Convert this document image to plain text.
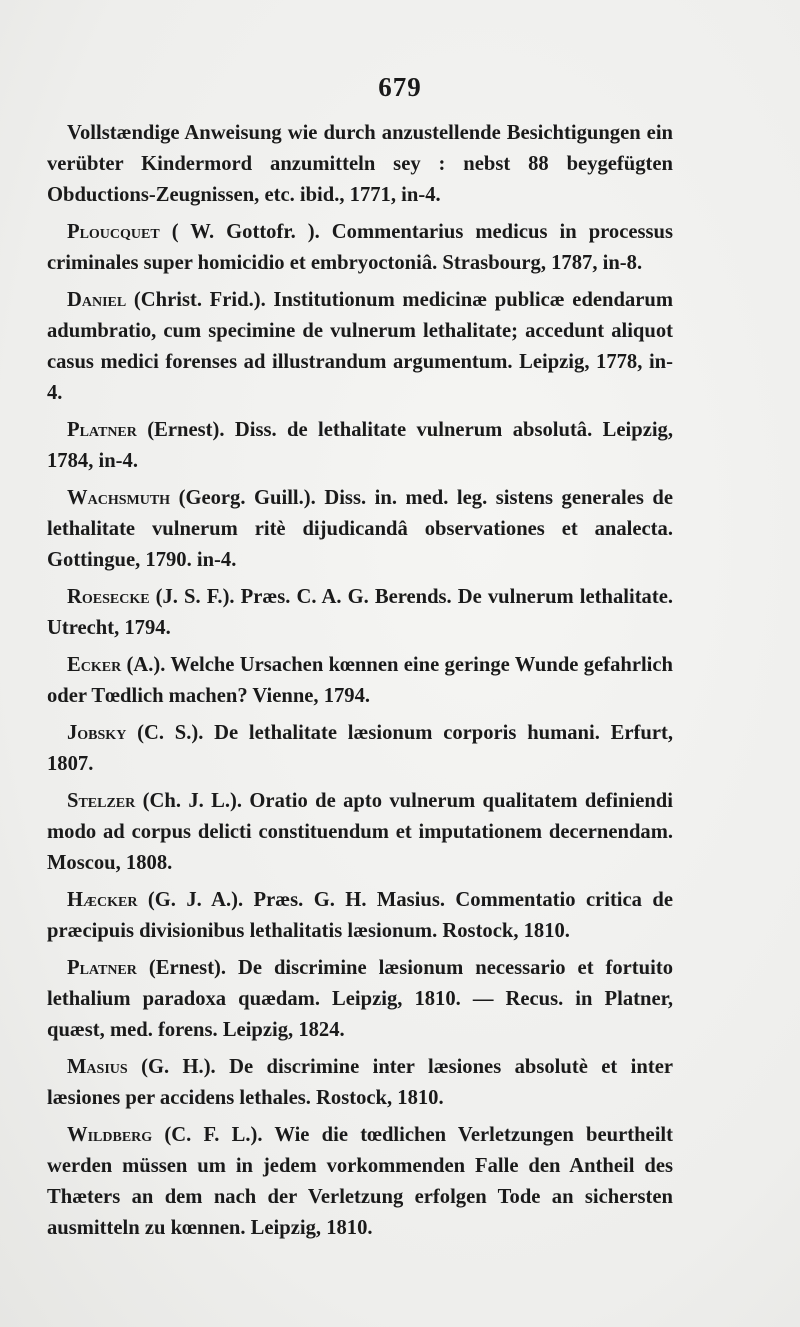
679

Vollstændige Anweisung wie durch anzustellende Besichtigungen ein verübter Kindermord anzumitteln sey : nebst 88 beygefügten Obductions-Zeugnissen, etc. ibid., 1771, in-4.

Ploucquet ( W. Gottofr. ). Commentarius medicus in processus criminales super homicidio et embryoctoniâ. Strasbourg, 1787, in-8.

Daniel (Christ. Frid.). Institutionum medicinæ publicæ edendarum adumbratio, cum specimine de vulnerum lethalitate; accedunt aliquot casus medici forenses ad illustrandum argumentum. Leipzig, 1778, in-4.

Platner (Ernest). Diss. de lethalitate vulnerum absolutâ. Leipzig, 1784, in-4.

Wachsmuth (Georg. Guill.). Diss. in. med. leg. sistens generales de lethalitate vulnerum ritè dijudicandâ observationes et analecta. Gottingue, 1790. in-4.

Roesecke (J. S. F.). Præs. C. A. G. Berends. De vulnerum lethalitate. Utrecht, 1794.

Ecker (A.). Welche Ursachen kœnnen eine geringe Wunde gefahrlich oder Tœdlich machen? Vienne, 1794.

Jobsky (C. S.). De lethalitate læsionum corporis humani. Erfurt, 1807.

Stelzer (Ch. J. L.). Oratio de apto vulnerum qualitatem definiendi modo ad corpus delicti constituendum et imputationem decernendam. Moscou, 1808.

Hæcker (G. J. A.). Præs. G. H. Masius. Commentatio critica de præcipuis divisionibus lethalitatis læsionum. Rostock, 1810.

Platner (Ernest). De discrimine læsionum necessario et fortuito lethalium paradoxa quædam. Leipzig, 1810. — Recus. in Platner, quæst, med. forens. Leipzig, 1824.

Masius (G. H.). De discrimine inter læsiones absolutè et inter læsiones per accidens lethales. Rostock, 1810.

Wildberg (C. F. L.). Wie die tœdlichen Verletzungen beurtheilt werden müssen um in jedem vorkommenden Falle den Antheil des Thæters an dem nach der Verletzung erfolgen Tode an sichersten ausmitteln zu kœnnen. Leipzig, 1810.
